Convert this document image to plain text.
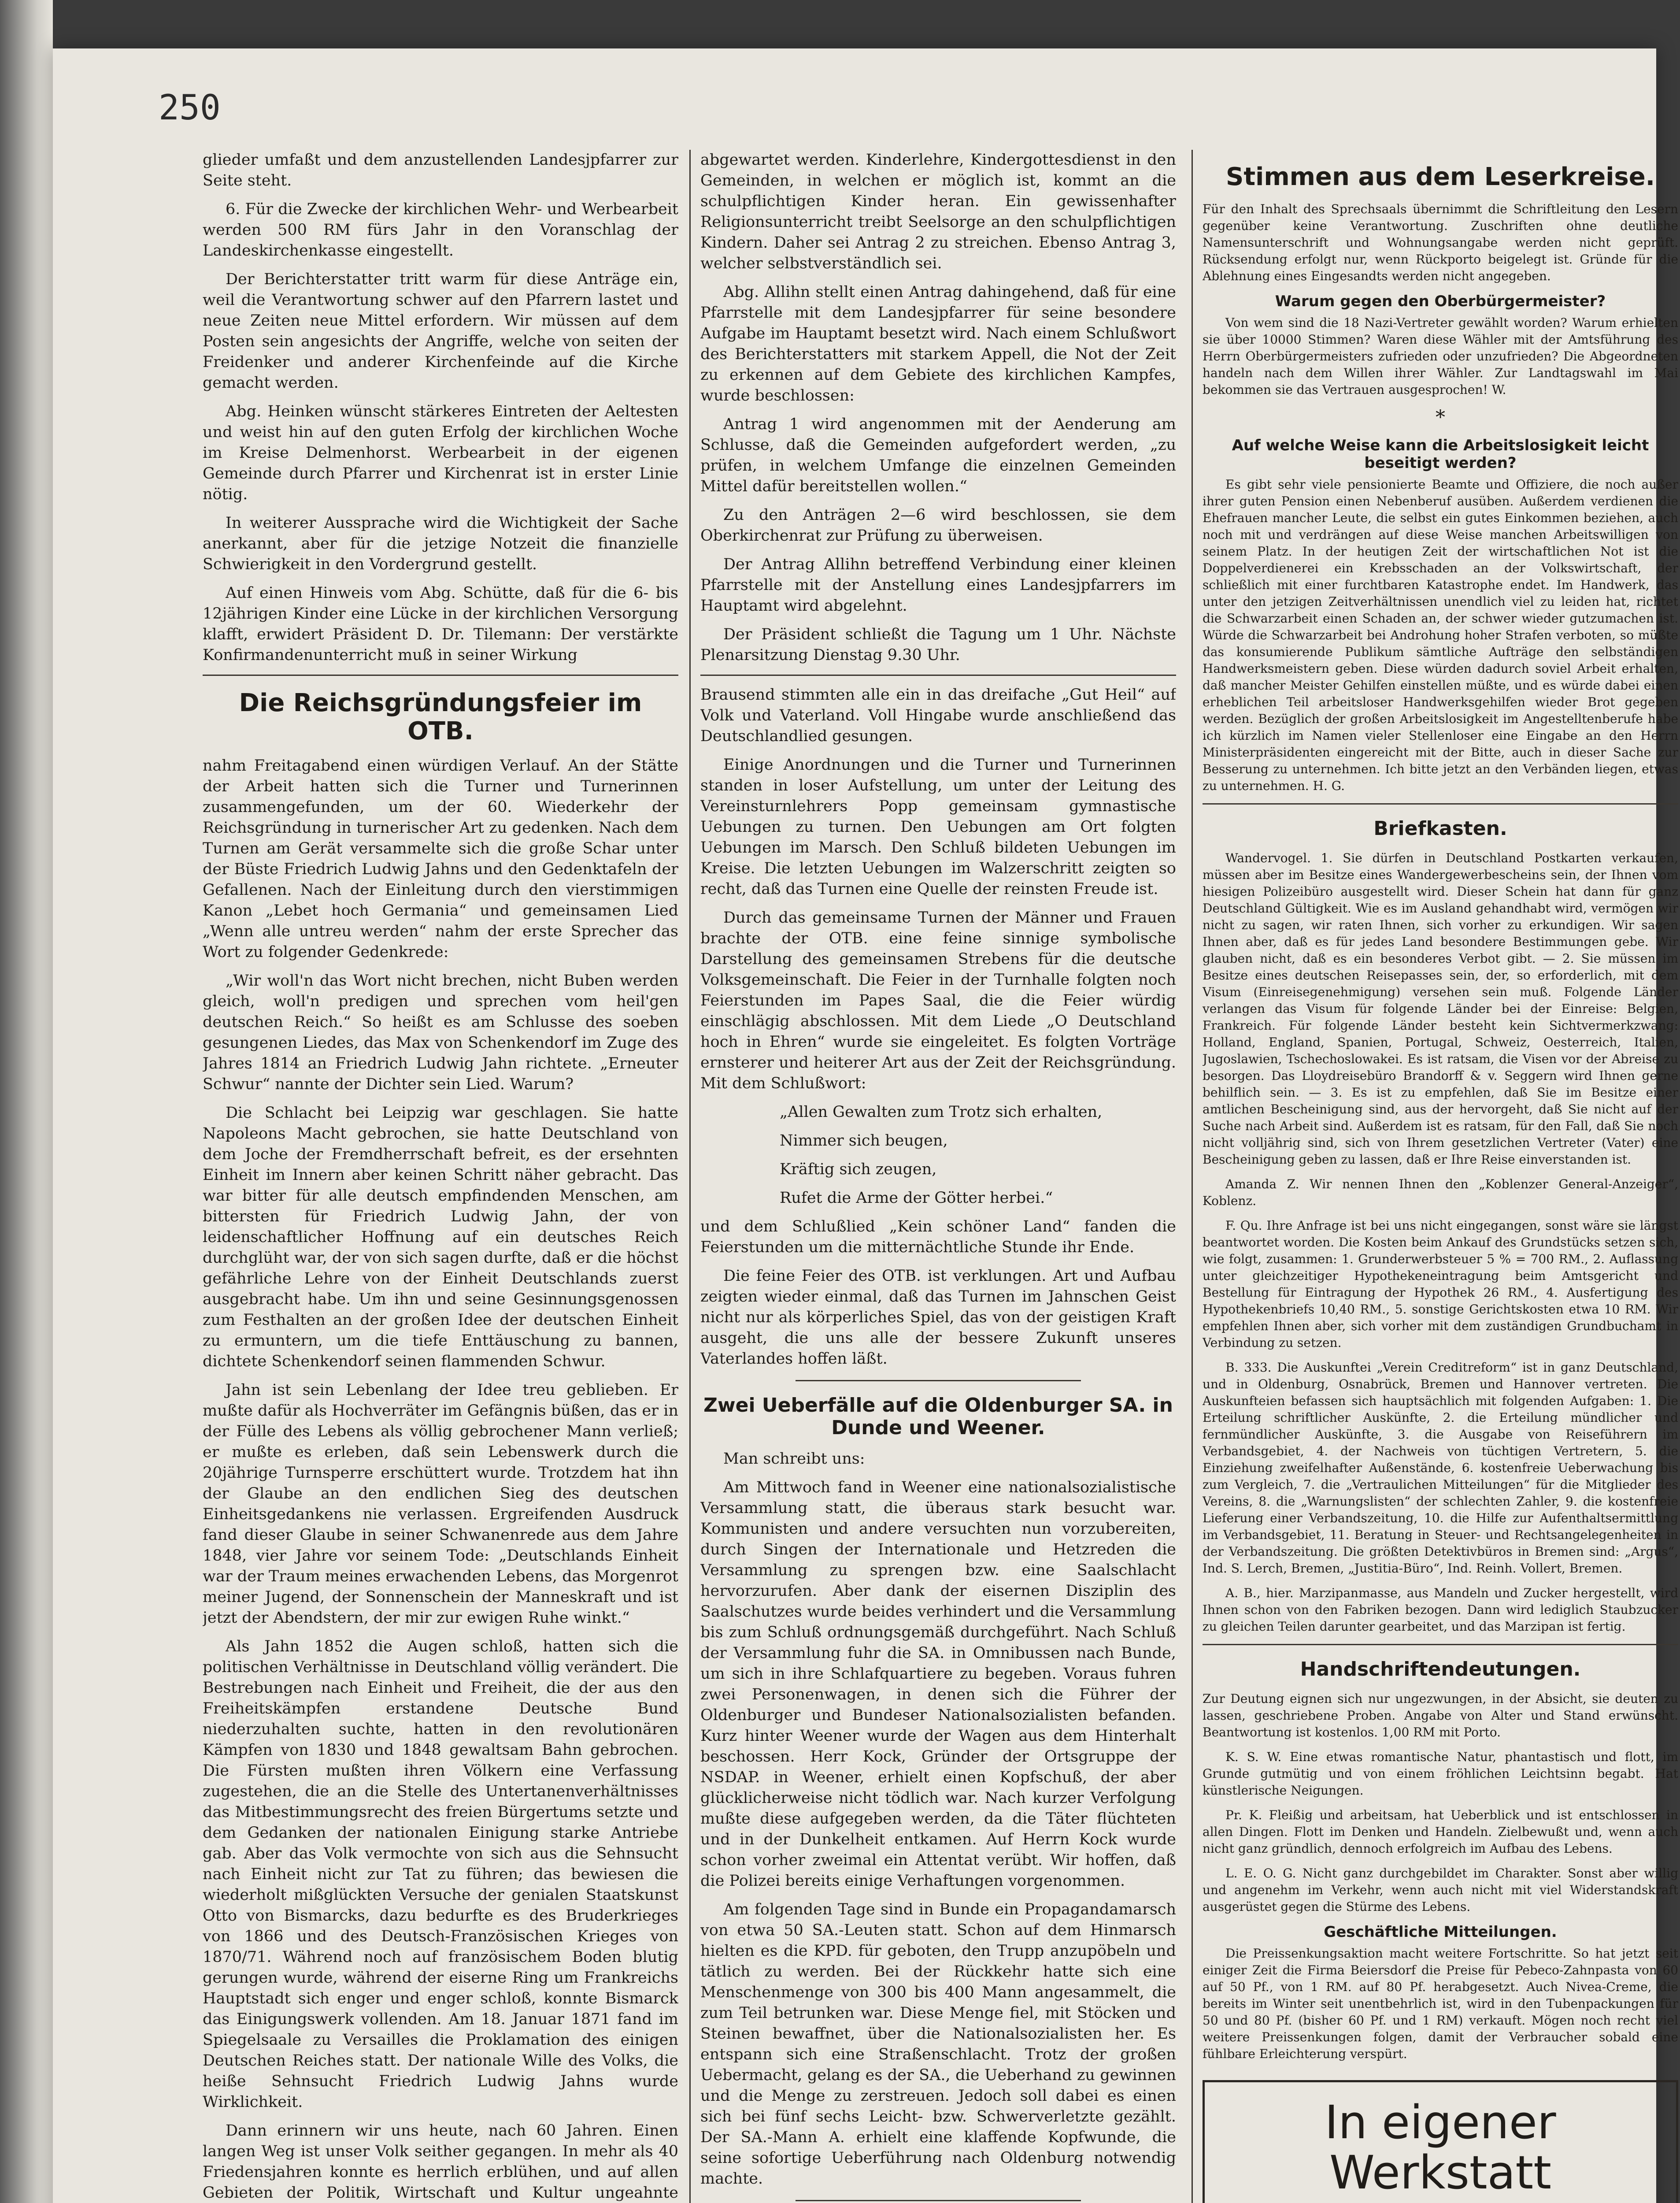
250

glieder umfaßt und dem anzustellenden Landesjpfarrer zur Seite steht.

6. Für die Zwecke der kirchlichen Wehr- und Werbearbeit werden 500 RM fürs Jahr in den Voranschlag der Landeskirchenkasse eingestellt.

Der Berichterstatter tritt warm für diese Anträge ein, weil die Verantwortung schwer auf den Pfarrern lastet und neue Zeiten neue Mittel erfordern. Wir müssen auf dem Posten sein angesichts der Angriffe, welche von seiten der Freidenker und anderer Kirchenfeinde auf die Kirche gemacht werden.

Abg. Heinken wünscht stärkeres Eintreten der Aeltesten und weist hin auf den guten Erfolg der kirchlichen Woche im Kreise Delmenhorst. Werbearbeit in der eigenen Gemeinde durch Pfarrer und Kirchenrat ist in erster Linie nötig.

In weiterer Aussprache wird die Wichtigkeit der Sache anerkannt, aber für die jetzige Notzeit die finanzielle Schwierigkeit in den Vordergrund gestellt.

Auf einen Hinweis vom Abg. Schütte, daß für die 6- bis 12jährigen Kinder eine Lücke in der kirchlichen Versorgung klafft, erwidert Präsident D. Dr. Tilemann: Der verstärkte Konfirmandenunterricht muß in seiner Wirkung

Die Reichsgründungsfeier im OTB.

nahm Freitagabend einen würdigen Verlauf. An der Stätte der Arbeit hatten sich die Turner und Turnerinnen zusammengefunden, um der 60. Wiederkehr der Reichsgründung in turnerischer Art zu gedenken. Nach dem Turnen am Gerät versammelte sich die große Schar unter der Büste Friedrich Ludwig Jahns und den Gedenktafeln der Gefallenen. Nach der Einleitung durch den vierstimmigen Kanon „Lebet hoch Germania“ und gemeinsamen Lied „Wenn alle untreu werden“ nahm der erste Sprecher das Wort zu folgender Gedenkrede:

„Wir woll'n das Wort nicht brechen, nicht Buben werden gleich, woll'n predigen und sprechen vom heil'gen deutschen Reich.“ So heißt es am Schlusse des soeben gesungenen Liedes, das Max von Schenkendorf im Zuge des Jahres 1814 an Friedrich Ludwig Jahn richtete. „Erneuter Schwur“ nannte der Dichter sein Lied. Warum?

Die Schlacht bei Leipzig war geschlagen. Sie hatte Napoleons Macht gebrochen, sie hatte Deutschland von dem Joche der Fremdherrschaft befreit, es der ersehnten Einheit im Innern aber keinen Schritt näher gebracht. Das war bitter für alle deutsch empfindenden Menschen, am bittersten für Friedrich Ludwig Jahn, der von leidenschaftlicher Hoffnung auf ein deutsches Reich durchglüht war, der von sich sagen durfte, daß er die höchst gefährliche Lehre von der Einheit Deutschlands zuerst ausgebracht habe. Um ihn und seine Gesinnungsgenossen zum Festhalten an der großen Idee der deutschen Einheit zu ermuntern, um die tiefe Enttäuschung zu bannen, dichtete Schenkendorf seinen flammenden Schwur.

Jahn ist sein Lebenlang der Idee treu geblieben. Er mußte dafür als Hochverräter im Gefängnis büßen, das er in der Fülle des Lebens als völlig gebrochener Mann verließ; er mußte es erleben, daß sein Lebenswerk durch die 20jährige Turnsperre erschüttert wurde. Trotzdem hat ihn der Glaube an den endlichen Sieg des deutschen Einheitsgedankens nie verlassen. Ergreifenden Ausdruck fand dieser Glaube in seiner Schwanenrede aus dem Jahre 1848, vier Jahre vor seinem Tode: „Deutschlands Einheit war der Traum meines erwachenden Lebens, das Morgenrot meiner Jugend, der Sonnenschein der Manneskraft und ist jetzt der Abendstern, der mir zur ewigen Ruhe winkt.“

Als Jahn 1852 die Augen schloß, hatten sich die politischen Verhältnisse in Deutschland völlig verändert. Die Bestrebungen nach Einheit und Freiheit, die der aus den Freiheitskämpfen erstandene Deutsche Bund niederzuhalten suchte, hatten in den revolutionären Kämpfen von 1830 und 1848 gewaltsam Bahn gebrochen. Die Fürsten mußten ihren Völkern eine Verfassung zugestehen, die an die Stelle des Untertanenverhältnisses das Mitbestimmungsrecht des freien Bürgertums setzte und dem Gedanken der nationalen Einigung starke Antriebe gab. Aber das Volk vermochte von sich aus die Sehnsucht nach Einheit nicht zur Tat zu führen; das bewiesen die wiederholt mißglückten Versuche der genialen Staatskunst Otto von Bismarcks, dazu bedurfte es des Bruderkrieges von 1866 und des Deutsch-Französischen Krieges von 1870/71. Während noch auf französischem Boden blutig gerungen wurde, während der eiserne Ring um Frankreichs Hauptstadt sich enger und enger schloß, konnte Bismarck das Einigungswerk vollenden. Am 18. Januar 1871 fand im Spiegelsaale zu Versailles die Proklamation des einigen Deutschen Reiches statt. Der nationale Wille des Volks, die heiße Sehnsucht Friedrich Ludwig Jahns wurde Wirklichkeit.

Dann erinnern wir uns heute, nach 60 Jahren. Einen langen Weg ist unser Volk seither gegangen. In mehr als 40 Friedensjahren konnte es herrlich erblühen, und auf allen Gebieten der Politik, Wirtschaft und Kultur ungeahnte

abgewartet werden. Kinderlehre, Kindergottesdienst in den Gemeinden, in welchen er möglich ist, kommt an die schulpflichtigen Kinder heran. Ein gewissenhafter Religionsunterricht treibt Seelsorge an den schulpflichtigen Kindern. Daher sei Antrag 2 zu streichen. Ebenso Antrag 3, welcher selbstverständlich sei.

Abg. Allihn stellt einen Antrag dahingehend, daß für eine Pfarrstelle mit dem Landesjpfarrer für seine besondere Aufgabe im Hauptamt besetzt wird. Nach einem Schlußwort des Berichterstatters mit starkem Appell, die Not der Zeit zu erkennen auf dem Gebiete des kirchlichen Kampfes, wurde beschlossen:

Antrag 1 wird angenommen mit der Aenderung am Schlusse, daß die Gemeinden aufgefordert werden, „zu prüfen, in welchem Umfange die einzelnen Gemeinden Mittel dafür bereitstellen wollen.“

Zu den Anträgen 2—6 wird beschlossen, sie dem Oberkirchenrat zur Prüfung zu überweisen.

Der Antrag Allihn betreffend Verbindung einer kleinen Pfarrstelle mit der Anstellung eines Landesjpfarrers im Hauptamt wird abgelehnt.

Der Präsident schließt die Tagung um 1 Uhr. Nächste Plenarsitzung Dienstag 9.30 Uhr.

Brausend stimmten alle ein in das dreifache „Gut Heil“ auf Volk und Vaterland. Voll Hingabe wurde anschließend das Deutschlandlied gesungen.

Einige Anordnungen und die Turner und Turnerinnen standen in loser Aufstellung, um unter der Leitung des Vereinsturnlehrers Popp gemeinsam gymnastische Uebungen zu turnen. Den Uebungen am Ort folgten Uebungen im Marsch. Den Schluß bildeten Uebungen im Kreise. Die letzten Uebungen im Walzerschritt zeigten so recht, daß das Turnen eine Quelle der reinsten Freude ist.

Durch das gemeinsame Turnen der Männer und Frauen brachte der OTB. eine feine sinnige symbolische Darstellung des gemeinsamen Strebens für die deutsche Volksgemeinschaft. Die Feier in der Turnhalle folgten noch Feierstunden im Papes Saal, die die Feier würdig einschlägig abschlossen. Mit dem Liede „O Deutschland hoch in Ehren“ wurde sie eingeleitet. Es folgten Vorträge ernsterer und heiterer Art aus der Zeit der Reichsgründung. Mit dem Schlußwort:

„Allen Gewalten zum Trotz sich erhalten,

Nimmer sich beugen,

Kräftig sich zeugen,

Rufet die Arme der Götter herbei.“

und dem Schlußlied „Kein schöner Land“ fanden die Feierstunden um die mitternächtliche Stunde ihr Ende.

Die feine Feier des OTB. ist verklungen. Art und Aufbau zeigten wieder einmal, daß das Turnen im Jahnschen Geist nicht nur als körperliches Spiel, das von der geistigen Kraft ausgeht, die uns alle der bessere Zukunft unseres Vaterlandes hoffen läßt.

Zwei Ueberfälle auf die Oldenburger SA. in Dunde und Weener.

Man schreibt uns:

Am Mittwoch fand in Weener eine nationalsozialistische Versammlung statt, die überaus stark besucht war. Kommunisten und andere versuchten nun vorzubereiten, durch Singen der Internationale und Hetzreden die Versammlung zu sprengen bzw. eine Saalschlacht hervorzurufen. Aber dank der eisernen Disziplin des Saalschutzes wurde beides verhindert und die Versammlung bis zum Schluß ordnungsgemäß durchgeführt. Nach Schluß der Versammlung fuhr die SA. in Omnibussen nach Bunde, um sich in ihre Schlafquartiere zu begeben. Voraus fuhren zwei Personenwagen, in denen sich die Führer der Oldenburger und Bundeser Nationalsozialisten befanden. Kurz hinter Weener wurde der Wagen aus dem Hinterhalt beschossen. Herr Kock, Gründer der Ortsgruppe der NSDAP. in Weener, erhielt einen Kopfschuß, der aber glücklicherweise nicht tödlich war. Nach kurzer Verfolgung mußte diese aufgegeben werden, da die Täter flüchteten und in der Dunkelheit entkamen. Auf Herrn Kock wurde schon vorher zweimal ein Attentat verübt. Wir hoffen, daß die Polizei bereits einige Verhaftungen vorgenommen.

Am folgenden Tage sind in Bunde ein Propagandamarsch von etwa 50 SA.-Leuten statt. Schon auf dem Hinmarsch hielten es die KPD. für geboten, den Trupp anzupöbeln und tätlich zu werden. Bei der Rückkehr hatte sich eine Menschenmenge von 300 bis 400 Mann angesammelt, die zum Teil betrunken war. Diese Menge fiel, mit Stöcken und Steinen bewaffnet, über die Nationalsozialisten her. Es entspann sich eine Straßenschlacht. Trotz der großen Uebermacht, gelang es der SA., die Ueberhand zu gewinnen und die Menge zu zerstreuen. Jedoch soll dabei es einen sich bei fünf sechs Leicht- bzw. Schwerverletzte gezählt. Der SA.-Mann A. erhielt eine klaffende Kopfwunde, die seine sofortige Ueberführung nach Oldenburg notwendig machte.

Stimmen aus dem Leserkreise.

Für den Inhalt des Sprechsaals übernimmt die Schriftleitung den Lesern gegenüber keine Verantwortung. Zuschriften ohne deutliche Namensunterschrift und Wohnungsangabe werden nicht geprüft. Rücksendung erfolgt nur, wenn Rückporto beigelegt ist. Gründe für die Ablehnung eines Eingesandts werden nicht angegeben.

Warum gegen den Oberbürgermeister?

Von wem sind die 18 Nazi-Vertreter gewählt worden? Warum erhielten sie über 10000 Stimmen? Waren diese Wähler mit der Amtsführung des Herrn Oberbürgermeisters zufrieden oder unzufrieden? Die Abgeordneten handeln nach dem Willen ihrer Wähler. Zur Landtagswahl im Mai bekommen sie das Vertrauen ausgesprochen! W.

*
Auf welche Weise kann die Arbeitslosigkeit leicht beseitigt werden?

Es gibt sehr viele pensionierte Beamte und Offiziere, die noch außer ihrer guten Pension einen Nebenberuf ausüben. Außerdem verdienen die Ehefrauen mancher Leute, die selbst ein gutes Einkommen beziehen, auch noch mit und verdrängen auf diese Weise manchen Arbeitswilligen von seinem Platz. In der heutigen Zeit der wirtschaftlichen Not ist die Doppelverdienerei ein Krebsschaden an der Volkswirtschaft, der schließlich mit einer furchtbaren Katastrophe endet. Im Handwerk, das unter den jetzigen Zeitverhältnissen unendlich viel zu leiden hat, richtet die Schwarzarbeit einen Schaden an, der schwer wieder gutzumachen ist. Würde die Schwarzarbeit bei Androhung hoher Strafen verboten, so müßte das konsumierende Publikum sämtliche Aufträge den selbständigen Handwerksmeistern geben. Diese würden dadurch soviel Arbeit erhalten, daß mancher Meister Gehilfen einstellen müßte, und es würde dabei einen erheblichen Teil arbeitsloser Handwerksgehilfen wieder Brot gegeben werden. Bezüglich der großen Arbeitslosigkeit im Angestelltenberufe habe ich kürzlich im Namen vieler Stellenloser eine Eingabe an den Herrn Ministerpräsidenten eingereicht mit der Bitte, auch in dieser Sache zur Besserung zu unternehmen. Ich bitte jetzt an den Verbänden liegen, etwas zu unternehmen. H. G.

Briefkasten.

Wandervogel. 1. Sie dürfen in Deutschland Postkarten verkaufen, müssen aber im Besitze eines Wandergewerbescheins sein, der Ihnen vom hiesigen Polizeibüro ausgestellt wird. Dieser Schein hat dann für ganz Deutschland Gültigkeit. Wie es im Ausland gehandhabt wird, vermögen wir nicht zu sagen, wir raten Ihnen, sich vorher zu erkundigen. Wir sagen Ihnen aber, daß es für jedes Land besondere Bestimmungen gebe. Wir glauben nicht, daß es ein besonderes Verbot gibt. — 2. Sie müssen im Besitze eines deutschen Reisepasses sein, der, so erforderlich, mit dem Visum (Einreisegenehmigung) versehen sein muß. Folgende Länder verlangen das Visum für folgende Länder bei der Einreise: Belgien, Frankreich. Für folgende Länder besteht kein Sichtvermerkzwang: Holland, England, Spanien, Portugal, Schweiz, Oesterreich, Italien, Jugoslawien, Tschechoslowakei. Es ist ratsam, die Visen vor der Abreise zu besorgen. Das Lloydreisebüro Brandorff & v. Seggern wird Ihnen gerne behilflich sein. — 3. Es ist zu empfehlen, daß Sie im Besitze einer amtlichen Bescheinigung sind, aus der hervorgeht, daß Sie nicht auf der Suche nach Arbeit sind. Außerdem ist es ratsam, für den Fall, daß Sie noch nicht volljährig sind, sich von Ihrem gesetzlichen Vertreter (Vater) eine Bescheinigung geben zu lassen, daß er Ihre Reise einverstanden ist.

Amanda Z. Wir nennen Ihnen den „Koblenzer General-Anzeiger“, Koblenz.

F. Qu. Ihre Anfrage ist bei uns nicht eingegangen, sonst wäre sie längst beantwortet worden. Die Kosten beim Ankauf des Grundstücks setzen sich, wie folgt, zusammen: 1. Grunderwerbsteuer 5 % = 700 RM., 2. Auflassung unter gleichzeitiger Hypothekeneintragung beim Amtsgericht und Bestellung für Eintragung der Hypothek 26 RM., 4. Ausfertigung des Hypothekenbriefs 10,40 RM., 5. sonstige Gerichtskosten etwa 10 RM. Wir empfehlen Ihnen aber, sich vorher mit dem zuständigen Grundbuchamt in Verbindung zu setzen.

B. 333. Die Auskunftei „Verein Creditreform“ ist in ganz Deutschland, und in Oldenburg, Osnabrück, Bremen und Hannover vertreten. Die Auskunfteien befassen sich hauptsächlich mit folgenden Aufgaben: 1. Die Erteilung schriftlicher Auskünfte, 2. die Erteilung mündlicher und fernmündlicher Auskünfte, 3. die Ausgabe von Reiseführern im Verbandsgebiet, 4. der Nachweis von tüchtigen Vertretern, 5. die Einziehung zweifelhafter Außenstände, 6. kostenfreie Ueberwachung bis zum Vergleich, 7. die „Vertraulichen Mitteilungen“ für die Mitglieder des Vereins, 8. die „Warnungslisten“ der schlechten Zahler, 9. die kostenfreie Lieferung einer Verbandszeitung, 10. die Hilfe zur Aufenthaltsermittlung im Verbandsgebiet, 11. Beratung in Steuer- und Rechtsangelegenheiten in der Verbandszeitung. Die größten Detektivbüros in Bremen sind: „Argus“, Ind. S. Lerch, Bremen, „Justitia-Büro“, Ind. Reinh. Vollert, Bremen.

A. B., hier. Marzipanmasse, aus Mandeln und Zucker hergestellt, wird Ihnen schon von den Fabriken bezogen. Dann wird lediglich Staubzucker zu gleichen Teilen darunter gearbeitet, und das Marzipan ist fertig.

Handschriftendeutungen.

Zur Deutung eignen sich nur ungezwungen, in der Absicht, sie deuten zu lassen, geschriebene Proben. Angabe von Alter und Stand erwünscht. Beantwortung ist kostenlos. 1,00 RM mit Porto.

K. S. W. Eine etwas romantische Natur, phantastisch und flott, im Grunde gutmütig und von einem fröhlichen Leichtsinn begabt. Hat künstlerische Neigungen.

Pr. K. Fleißig und arbeitsam, hat Ueberblick und ist entschlossen in allen Dingen. Flott im Denken und Handeln. Zielbewußt und, wenn auch nicht ganz gründlich, dennoch erfolgreich im Aufbau des Lebens.

L. E. O. G. Nicht ganz durchgebildet im Charakter. Sonst aber willig und angenehm im Verkehr, wenn auch nicht mit viel Widerstandskraft ausgerüstet gegen die Stürme des Lebens.

Geschäftliche Mitteilungen.

Die Preissenkungsaktion macht weitere Fortschritte. So hat jetzt seit einiger Zeit die Firma Beiersdorf die Preise für Pebeco-Zahnpasta von 60 auf 50 Pf., von 1 RM. auf 80 Pf. herabgesetzt. Auch Nivea-Creme, die bereits im Winter seit unentbehrlich ist, wird in den Tubenpackungen für 50 und 80 Pf. (bisher 60 Pf. und 1 RM) verkauft. Mögen noch recht viel weitere Preissenkungen folgen, damit der Verbraucher sobald eine fühlbare Erleichterung verspürt.

In eigener Werkstatt
